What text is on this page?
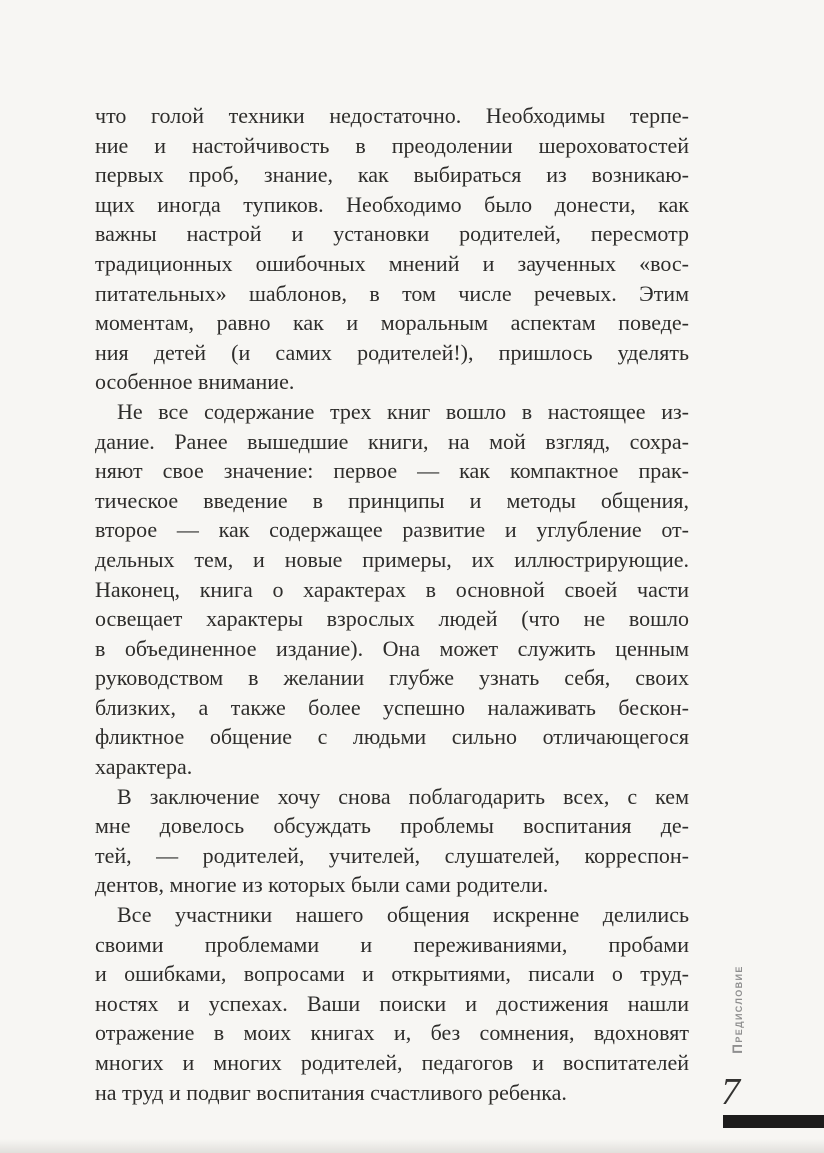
что голой техники недостаточно. Необходимы терпе-
ние и настойчивость в преодолении шероховатостей
первых проб, знание, как выбираться из возникаю-
щих иногда тупиков. Необходимо было донести, как
важны настрой и установки родителей, пересмотр
традиционных ошибочных мнений и заученных «вос-
питательных» шаблонов, в том числе речевых. Этим
моментам, равно как и моральным аспектам поведе-
ния детей (и самих родителей!), пришлось уделять
особенное внимание.
Не все содержание трех книг вошло в настоящее из-
дание. Ранее вышедшие книги, на мой взгляд, сохра-
няют свое значение: первое — как компактное прак-
тическое введение в принципы и методы общения,
второе — как содержащее развитие и углубление от-
дельных тем, и новые примеры, их иллюстрирующие.
Наконец, книга о характерах в основной своей части
освещает характеры взрослых людей (что не вошло
в объединенное издание). Она может служить ценным
руководством в желании глубже узнать себя, своих
близких, а также более успешно налаживать бескон-
фликтное общение с людьми сильно отличающегося
характера.
В заключение хочу снова поблагодарить всех, с кем
мне довелось обсуждать проблемы воспитания де-
тей, — родителей, учителей, слушателей, корреспон-
дентов, многие из которых были сами родители.
Все участники нашего общения искренне делились
своими проблемами и переживаниями, пробами
и ошибками, вопросами и открытиями, писали о труд-
ностях и успехах. Ваши поиски и достижения нашли
отражение в моих книгах и, без сомнения, вдохновят
многих и многих родителей, педагогов и воспитателей
на труд и подвиг воспитания счастливого ребенка.
Предисловие
7
